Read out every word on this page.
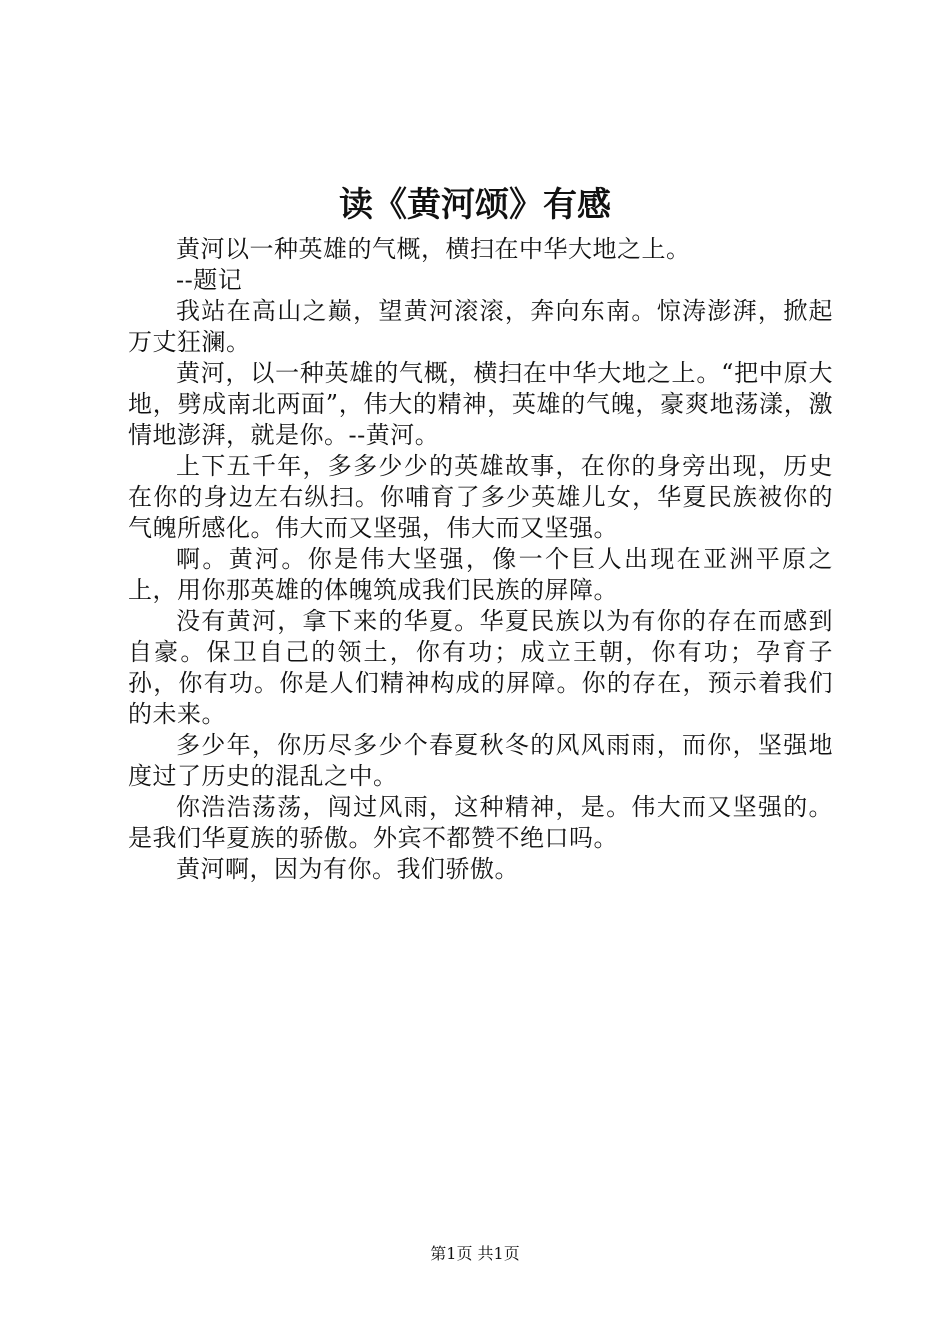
读《黄河颂》有感

黄河以一种英雄的气概，横扫在中华大地之上。

--题记

我站在高山之巅，望黄河滚滚，奔向东南。惊涛澎湃，掀起万丈狂澜。

黄河，以一种英雄的气概，横扫在中华大地之上。“把中原大地，劈成南北两面”，伟大的精神，英雄的气魄，豪爽地荡漾，激情地澎湃，就是你。--黄河。

上下五千年，多多少少的英雄故事，在你的身旁出现，历史在你的身边左右纵扫。你哺育了多少英雄儿女，华夏民族被你的气魄所感化。伟大而又坚强，伟大而又坚强。

啊。黄河。你是伟大坚强，像一个巨人出现在亚洲平原之上，用你那英雄的体魄筑成我们民族的屏障。

没有黄河，拿下来的华夏。华夏民族以为有你的存在而感到自豪。保卫自己的领土，你有功；成立王朝，你有功；孕育子孙，你有功。你是人们精神构成的屏障。你的存在，预示着我们的未来。

多少年，你历尽多少个春夏秋冬的风风雨雨，而你，坚强地度过了历史的混乱之中。

你浩浩荡荡，闯过风雨，这种精神，是。伟大而又坚强的。是我们华夏族的骄傲。外宾不都赞不绝口吗。

黄河啊，因为有你。我们骄傲。

第1页 共1页
